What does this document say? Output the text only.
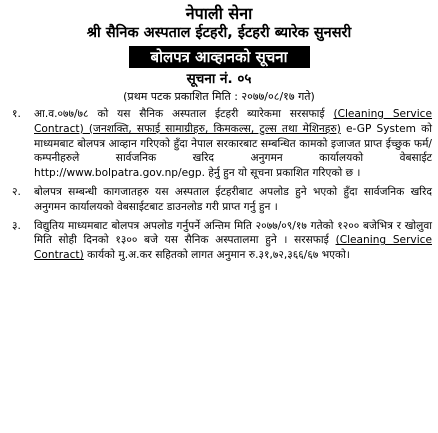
नेपाली सेना
श्री सैनिक अस्पताल ईटहरी, ईटहरी ब्यारेक सुनसरी
बोलपत्र आव्हानको सूचना
सूचना नं. ०५
(प्रथम पटक प्रकाशित मिति : २०७७/०८/१७ गते)
१.	आ.व.०७७/७८ को यस सैनिक अस्पताल ईटहरी ब्यारेकमा सरसफाई (Cleaning Service Contract) (जनशक्ति, सफाई सामाग्रीहरु, किमकल्स, टुल्स तथा मेशिनहरु) e-GP System को माध्यमबाट बोलपत्र आव्हान गरिएको हुँदा नेपाल सरकारबाट सम्बन्धित कामको इजाजत प्राप्त ईच्छुक फर्म/कम्पनीहरुले सार्वजनिक खरिद अनुगमन कार्यालयको वेबसाईट http://www.bolpatra.gov.np/egp. हेर्नु हुन यो सूचना प्रकाशित गरिएको छ ।
२.	बोलपत्र सम्बन्धी कागजातहरु यस अस्पताल ईटहरीबाट अपलोड हुने भएको हुँदा सार्वजनिक खरिद अनुगमन कार्यालयको वेबसाईटबाट डाउनलोड गरी प्राप्त गर्नु हुन ।
३.	विद्युतिय माध्यमबाट बोलपत्र अपलोड गर्नुपर्ने अन्तिम मिति २०७७/०९/१७ गतेको १२०० बजेभित्र र खोलुवा मिति सोही दिनको १३०० बजे यस सैनिक अस्पतालमा हुने । सरसफाई (Cleaning Service Contract) कार्यको मु.अ.कर सहितको लागत अनुमान रु.३१,७२,३६६/६७ भएको।
